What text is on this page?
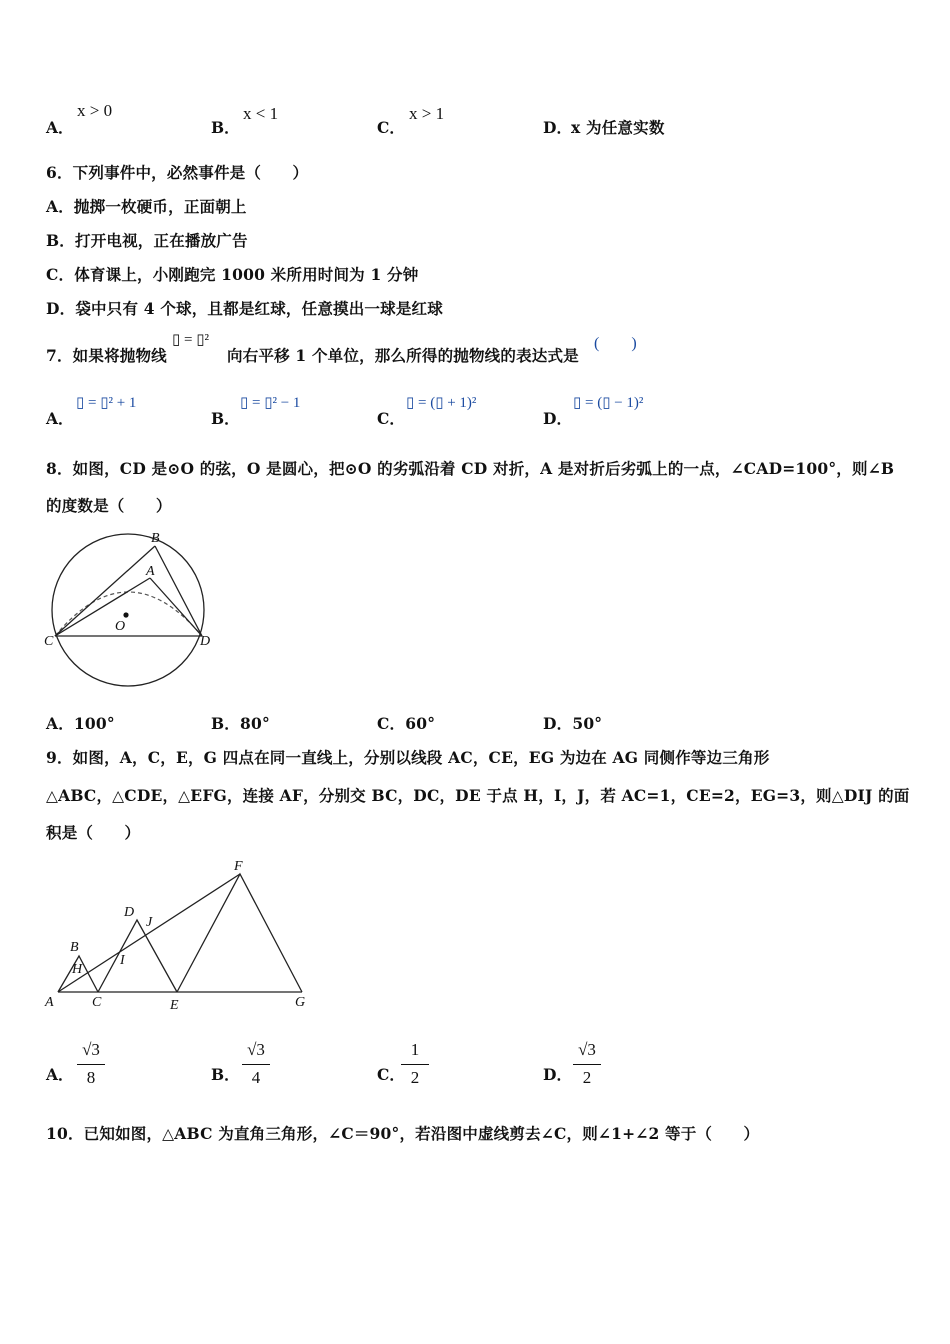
A．
x > 0
B．
x < 1
C．
x > 1
D． x 为任意实数
6．下列事件中，必然事件是（　　）
A．抛掷一枚硬币，正面朝上
B．打开电视，正在播放广告
C．体育课上，小刚跑完 1000 米所用时间为 1 分钟
D．袋中只有 4 个球，且都是红球，任意摸出一球是红球
7．如果将抛物线
▯ = ▯²
向右平移 1 个单位，那么所得的抛物线的表达式是
(　　)
A．
▯ = ▯² + 1
B．
▯ = ▯² − 1
C．
▯ = (▯ + 1)²
D．
▯ = (▯ − 1)²
8．如图，CD 是⊙O 的弦，O 是圆心，把⊙O 的劣弧沿着 CD 对折，A 是对折后劣弧上的一点，∠CAD=100°，则∠B
的度数是（　　）
B
A
O
C	D
A．100°	B．80°	C．60°	D．50°
9．如图，A，C，E，G 四点在同一直线上，分别以线段 AC，CE，EG 为边在 AG 同侧作等边三角形
△ABC，△CDE，△EFG，连接 AF，分别交 BC，DC，DE 于点 H，I，J，若 AC=1，CE=2，EG=3，则△DIJ 的面
积是（　　）
F
D
J
B
H
I
A	C	E	G
A．
√3
8	B．
√3
4	C．
1
2	D．
√3
2
10．已知如图，△ABC 为直角三角形，∠C＝90°，若沿图中虚线剪去∠C，则∠1+∠2 等于（　　）
